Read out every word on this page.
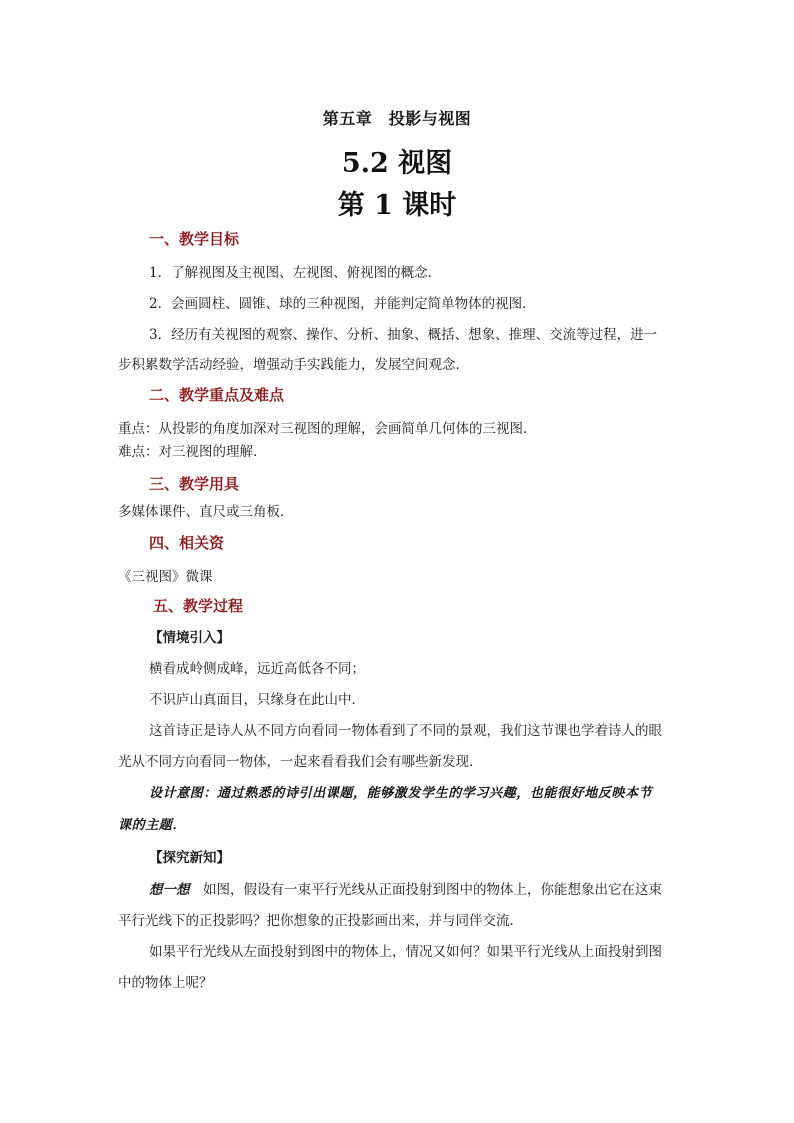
第五章　投影与视图
5.2 视图
第 1 课时
一、教学目标
1．了解视图及主视图、左视图、俯视图的概念．
2．会画圆柱、圆锥、球的三种视图，并能判定简单物体的视图．
3．经历有关视图的观察、操作、分析、抽象、概括、想象、推理、交流等过程，进一
步积累数学活动经验，增强动手实践能力，发展空间观念．
二、教学重点及难点
重点：从投影的角度加深对三视图的理解，会画简单几何体的三视图．
难点：对三视图的理解．
三、教学用具
多媒体课件、直尺或三角板．
四、相关资
《三视图》微课
五、教学过程
【情境引入】
横看成岭侧成峰，远近高低各不同；
不识庐山真面目，只缘身在此山中．
这首诗正是诗人从不同方向看同一物体看到了不同的景观，我们这节课也学着诗人的眼
光从不同方向看同一物体，一起来看看我们会有哪些新发现．
设计意图：通过熟悉的诗引出课题，能够激发学生的学习兴趣，也能很好地反映本节
课的主题．
【探究新知】
想一想　如图，假设有一束平行光线从正面投射到图中的物体上，你能想象出它在这束
平行光线下的正投影吗？把你想象的正投影画出来，并与同伴交流．
如果平行光线从左面投射到图中的物体上，情况又如何？如果平行光线从上面投射到图
中的物体上呢？
